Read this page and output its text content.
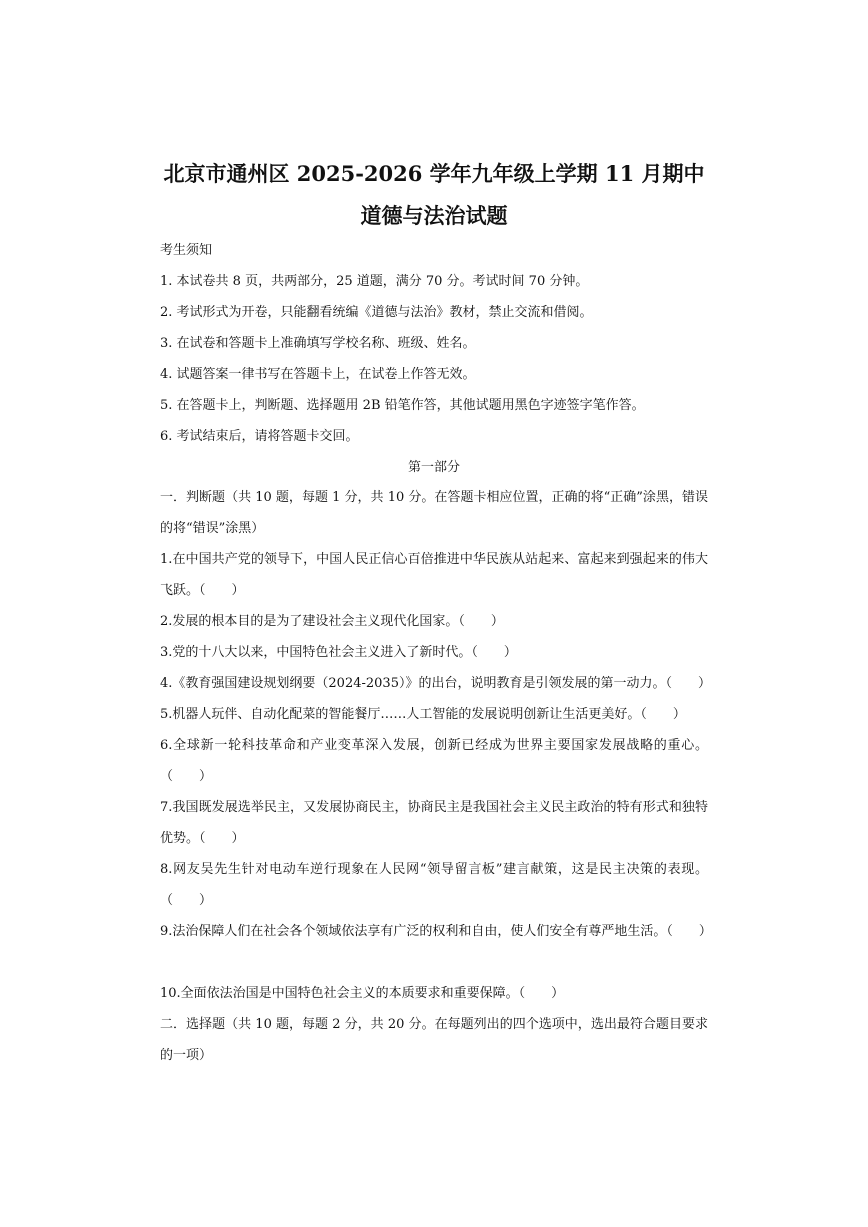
北京市通州区 2025-2026 学年九年级上学期 11 月期中
道德与法治试题
考生须知
1. 本试卷共 8 页，共两部分，25 道题，满分 70 分。考试时间 70 分钟。
2. 考试形式为开卷，只能翻看统编《道德与法治》教材，禁止交流和借阅。
3. 在试卷和答题卡上准确填写学校名称、班级、姓名。
4. 试题答案一律书写在答题卡上，在试卷上作答无效。
5. 在答题卡上，判断题、选择题用 2B 铅笔作答，其他试题用黑色字迹签字笔作答。
6. 考试结束后，请将答题卡交回。
第一部分
一．判断题（共 10 题，每题 1 分，共 10 分。在答题卡相应位置，正确的将“正确”涂黑，错误的将“错误”涂黑）
1.在中国共产党的领导下，中国人民正信心百倍推进中华民族从站起来、富起来到强起来的伟大飞跃。（　　）
2.发展的根本目的是为了建设社会主义现代化国家。（　　）
3.党的十八大以来，中国特色社会主义进入了新时代。（　　）
4.《教育强国建设规划纲要（2024-2035）》的出台，说明教育是引领发展的第一动力。（　　）
5.机器人玩伴、自动化配菜的智能餐厅……人工智能的发展说明创新让生活更美好。（　　）
6.全球新一轮科技革命和产业变革深入发展，创新已经成为世界主要国家发展战略的重心。（　　）
7.我国既发展选举民主，又发展协商民主，协商民主是我国社会主义民主政治的特有形式和独特优势。（　　）
8.网友吴先生针对电动车逆行现象在人民网“领导留言板”建言献策，这是民主决策的表现。（　　）
9.法治保障人们在社会各个领域依法享有广泛的权利和自由，使人们安全有尊严地生活。（　　）
10.全面依法治国是中国特色社会主义的本质要求和重要保障。（　　）
二．选择题（共 10 题，每题 2 分，共 20 分。在每题列出的四个选项中，选出最符合题目要求的一项）
